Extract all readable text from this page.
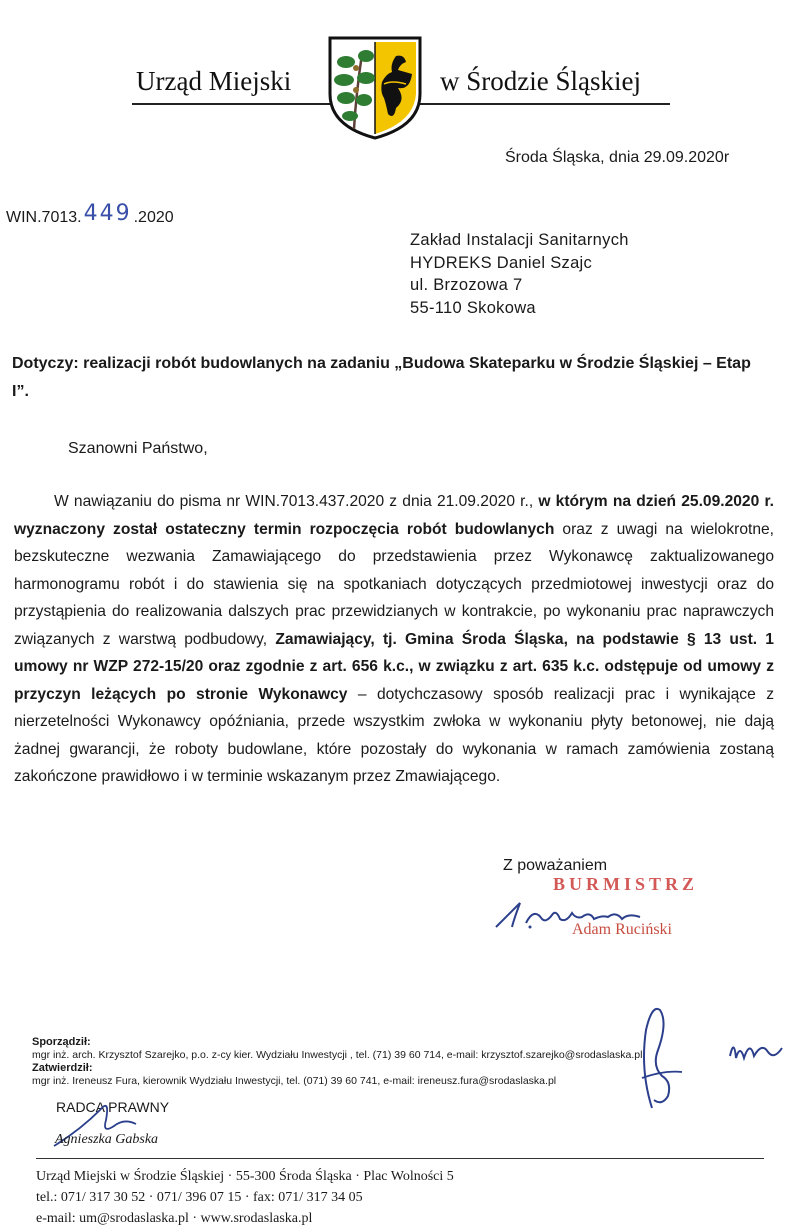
Urząd Miejski	w Środzie Śląskiej
Środa Śląska, dnia 29.09.2020r
WIN.7013.449 .2020
Zakład Instalacji Sanitarnych
HYDREKS Daniel Szajc
ul. Brzozowa 7
55-110 Skokowa
Dotyczy: realizacji robót budowlanych na zadaniu „Budowa Skateparku w Środzie Śląskiej – Etap I”.
Szanowni Państwo,
W nawiązaniu do pisma nr WIN.7013.437.2020 z dnia 21.09.2020 r., w którym na dzień 25.09.2020 r. wyznaczony został ostateczny termin rozpoczęcia robót budowlanych oraz z uwagi na wielokrotne, bezskuteczne wezwania Zamawiającego do przedstawienia przez Wykonawcę zaktualizowanego harmonogramu robót i do stawienia się na spotkaniach dotyczących przedmiotowej inwestycji oraz do przystąpienia do realizowania dalszych prac przewidzianych w kontrakcie, po wykonaniu prac naprawczych związanych z warstwą podbudowy, Zamawiający, tj. Gmina Środa Śląska, na podstawie § 13 ust. 1 umowy nr WZP 272-15/20 oraz zgodnie z art. 656 k.c., w związku z art. 635 k.c. odstępuje od umowy z przyczyn leżących po stronie Wykonawcy – dotychczasowy sposób realizacji prac i wynikające z nierzetelności Wykonawcy opóźniania, przede wszystkim zwłoka w wykonaniu płyty betonowej, nie dają żadnej gwarancji, że roboty budowlane, które pozostały do wykonania w ramach zamówienia zostaną zakończone prawidłowo i w terminie wskazanym przez Zmawiającego.
Z poważaniem
BURMISTRZ
Adam Ruciński
Sporządził:
mgr inż. arch. Krzysztof Szarejko, p.o. z-cy kier. Wydziału Inwestycji , tel. (71) 39 60 714, e-mail: krzysztof.szarejko@srodaslaska.pl
Zatwierdził:
mgr inż. Ireneusz Fura, kierownik Wydziału Inwestycji, tel. (071) 39 60 741, e-mail: ireneusz.fura@srodaslaska.pl
RADCA PRAWNY
Agnieszka Gabska
Urząd Miejski w Środzie Śląskiej · 55-300 Środa Śląska · Plac Wolności 5
tel.: 071/ 317 30 52 · 071/ 396 07 15 · fax: 071/ 317 34 05
e-mail: um@srodaslaska.pl · www.srodaslaska.pl
